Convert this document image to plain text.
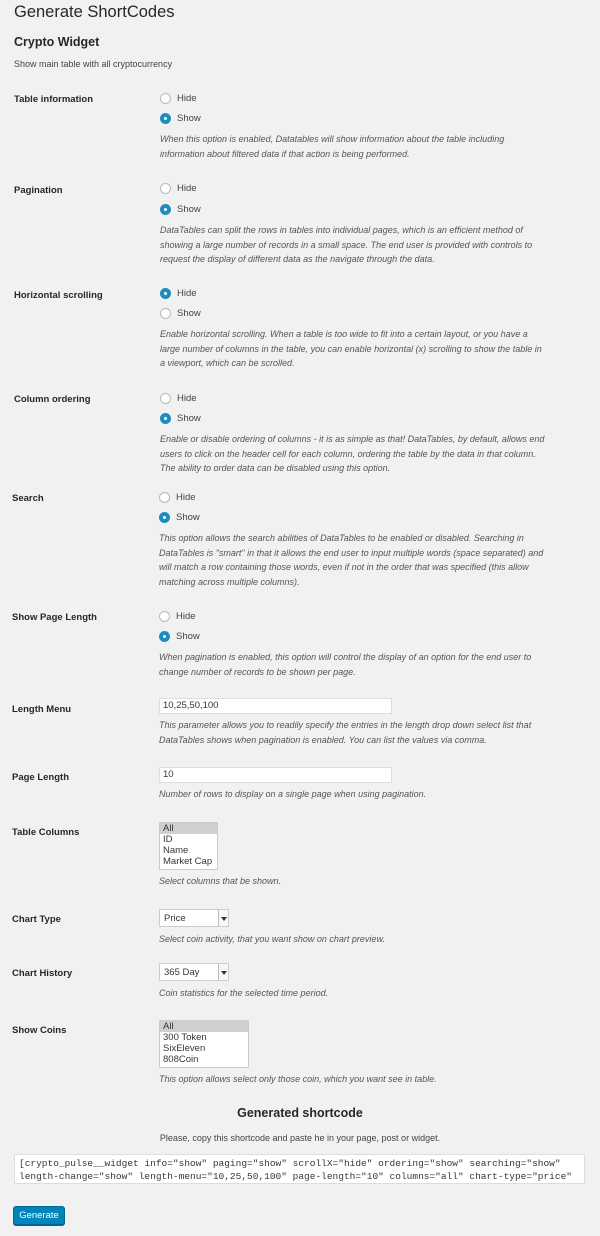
Generate ShortCodes
Crypto Widget
Show main table with all cryptocurrency
Table information	Hide
Show
When this option is enabled, Datatables will show information about the table including
information about filtered data if that action is being performed.
Pagination	Hide
Show
DataTables can split the rows in tables into individual pages, which is an efficient method of
showing a large number of records in a small space. The end user is provided with controls to
request the display of different data as the navigate through the data.
Horizontal scrolling	Hide
Show
Enable horizontal scrolling. When a table is too wide to fit into a certain layout, or you have a
large number of columns in the table, you can enable horizontal (x) scrolling to show the table in
a viewport, which can be scrolled.
Column ordering	Hide
Show
Enable or disable ordering of columns - it is as simple as that! DataTables, by default, allows end
users to click on the header cell for each column, ordering the table by the data in that column.
The ability to order data can be disabled using this option.
Search	Hide
Show
This option allows the search abilities of DataTables to be enabled or disabled. Searching in
DataTables is "smart" in that it allows the end user to input multiple words (space separated) and
will match a row containing those words, even if not in the order that was specified (this allow
matching across multiple columns).
Show Page Length	Hide
Show
When pagination is enabled, this option will control the display of an option for the end user to
change number of records to be shown per page.
Length Menu	10,25,50,100
This parameter allows you to readily specify the entries in the length drop down select list that
DataTables shows when pagination is enabled. You can list the values via comma.
Page Length	10
Number of rows to display on a single page when using pagination.
Table Columns	All
ID
Name
Market Cap
Select columns that be shown.
Chart Type	Price
Select coin activity, that you want show on chart preview.
Chart History	365 Day
Coin statistics for the selected time period.
Show Coins	All
300 Token
SixEleven
808Coin
This option allows select only those coin, which you want see in table.
Generated shortcode
Please, copy this shortcode and paste he in your page, post or widget.
[crypto_pulse__widget info="show" paging="show" scrollX="hide" ordering="show" searching="show"
length-change="show" length-menu="10,25,50,100" page-length="10" columns="all" chart-type="price"
Generate
